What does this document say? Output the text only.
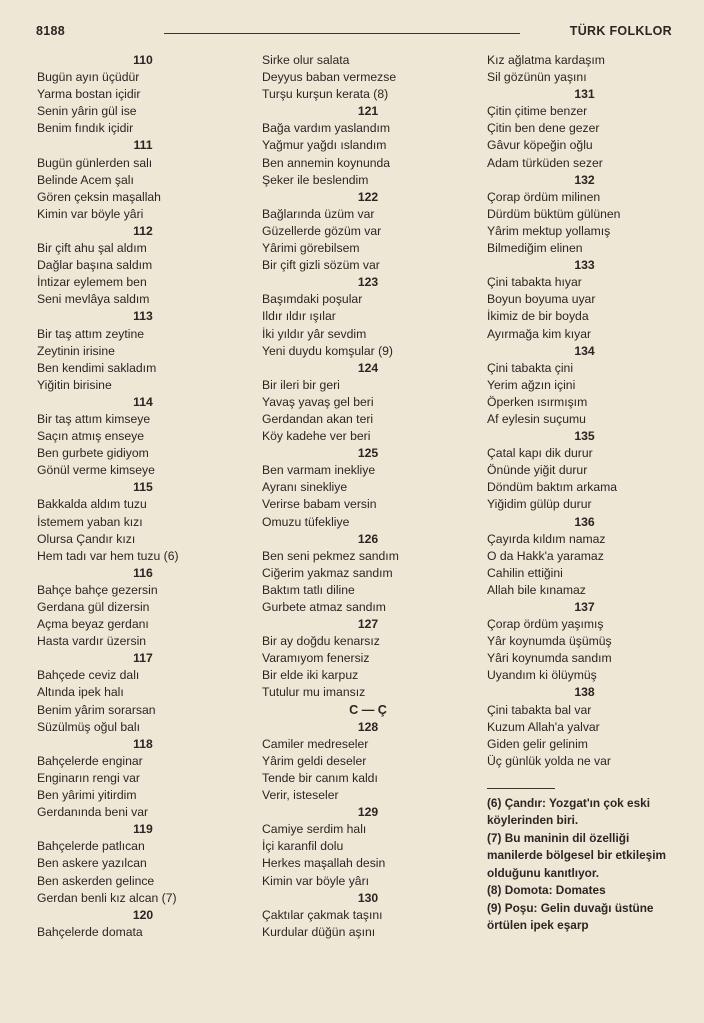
8188	TÜRK FOLKLOR
110
Bugün ayın üçüdür
Yarma bostan içidir
Senin yârin gül ise
Benim fındık içidir
111
Bugün günlerden salı
Belinde Acem şalı
Gören çeksin maşallah
Kimin var böyle yâri
112
Bir çift ahu şal aldım
Dağlar başına saldım
İntizar eylemem ben
Seni mevlâya saldım
113
Bir taş attım zeytine
Zeytinin irisine
Ben kendimi sakladım
Yiğitin birisine
114
Bir taş attım kimseye
Saçın atmış enseye
Ben gurbete gidiyom
Gönül verme kimseye
115
Bakkalda aldım tuzu
İstemem yaban kızı
Olursa Çandır kızı
Hem tadı var hem tuzu (6)
116
Bahçe bahçe gezersin
Gerdana gül dizersin
Açma beyaz gerdanı
Hasta vardır üzersin
117
Bahçede ceviz dalı
Altında ipek halı
Benim yârim sorarsan
Süzülmüş oğul balı
118
Bahçelerde enginar
Enginarın rengi var
Ben yârimi yitirdim
Gerdanında beni var
119
Bahçelerde patlıcan
Ben askere yazılcan
Ben askerden gelince
Gerdan benli kız alcan (7)
120
Bahçelerde domata
Sirke olur salata
Deyyus baban vermezse
Turşu kurşun kerata (8)
121
Bağa vardım yaslandım
Yağmur yağdı ıslandım
Ben annemin koynunda
Şeker ile beslendim
122
Bağlarında üzüm var
Güzellerde gözüm var
Yârimi görebilsem
Bir çift gizli sözüm var
123
Başımdaki poşular
Ildır ıldır ışılar
İki yıldır yâr sevdim
Yeni duydu komşular (9)
124
Bir ileri bir geri
Yavaş yavaş gel beri
Gerdandan akan teri
Köy kadehe ver beri
125
Ben varmam inekliye
Ayranı sinekliye
Verirse babam versin
Omuzu tüfekliye
126
Ben seni pekmez sandım
Ciğerim yakmaz sandım
Baktım tatlı diline
Gurbete atmaz sandım
127
Bir ay doğdu kenarsız
Varamıyom fenersiz
Bir elde iki karpuz
Tutulur mu imansız
C — Ç
128
Camiler medreseler
Yârim geldi deseler
Tende bir canım kaldı
Verir, isteseler
129
Camiye serdim halı
İçi karanfil dolu
Herkes maşallah desin
Kimin var böyle yârı
130
Çaktılar çakmak taşını
Kurdular düğün aşını
Kız ağlatma kardaşım
Sil gözünün yaşını
131
Çitin çitime benzer
Çitin ben dene gezer
Gâvur köpeğin oğlu
Adam türküden sezer
132
Çorap ördüm milinen
Dürdüm büktüm gülünen
Yârim mektup yollamış
Bilmediğim elinen
133
Çini tabakta hıyar
Boyun boyuma uyar
İkimiz de bir boyda
Ayırmağa kim kıyar
134
Çini tabakta çini
Yerim ağzın içini
Öperken ısırmışım
Af eylesin suçumu
135
Çatal kapı dik durur
Önünde yiğit durur
Döndüm baktım arkama
Yiğidim gülüp durur
136
Çayırda kıldım namaz
O da Hakk'a yaramaz
Cahilin ettiğini
Allah bile kınamaz
137
Çorap ördüm yaşımış
Yâr koynumda üşümüş
Yâri koynumda sandım
Uyandım ki ölüymüş
138
Çini tabakta bal var
Kuzum Allah'a yalvar
Giden gelir gelinim
Üç günlük yolda ne var
(6) Çandır: Yozgat'ın çok eski köylerinden biri.
(7) Bu maninin dil özelliği manilerde bölgesel bir etkileşim olduğunu kanıtlıyor.
(8) Domota: Domates
(9) Poşu: Gelin duvağı üstüne örtülen ipek eşarp
